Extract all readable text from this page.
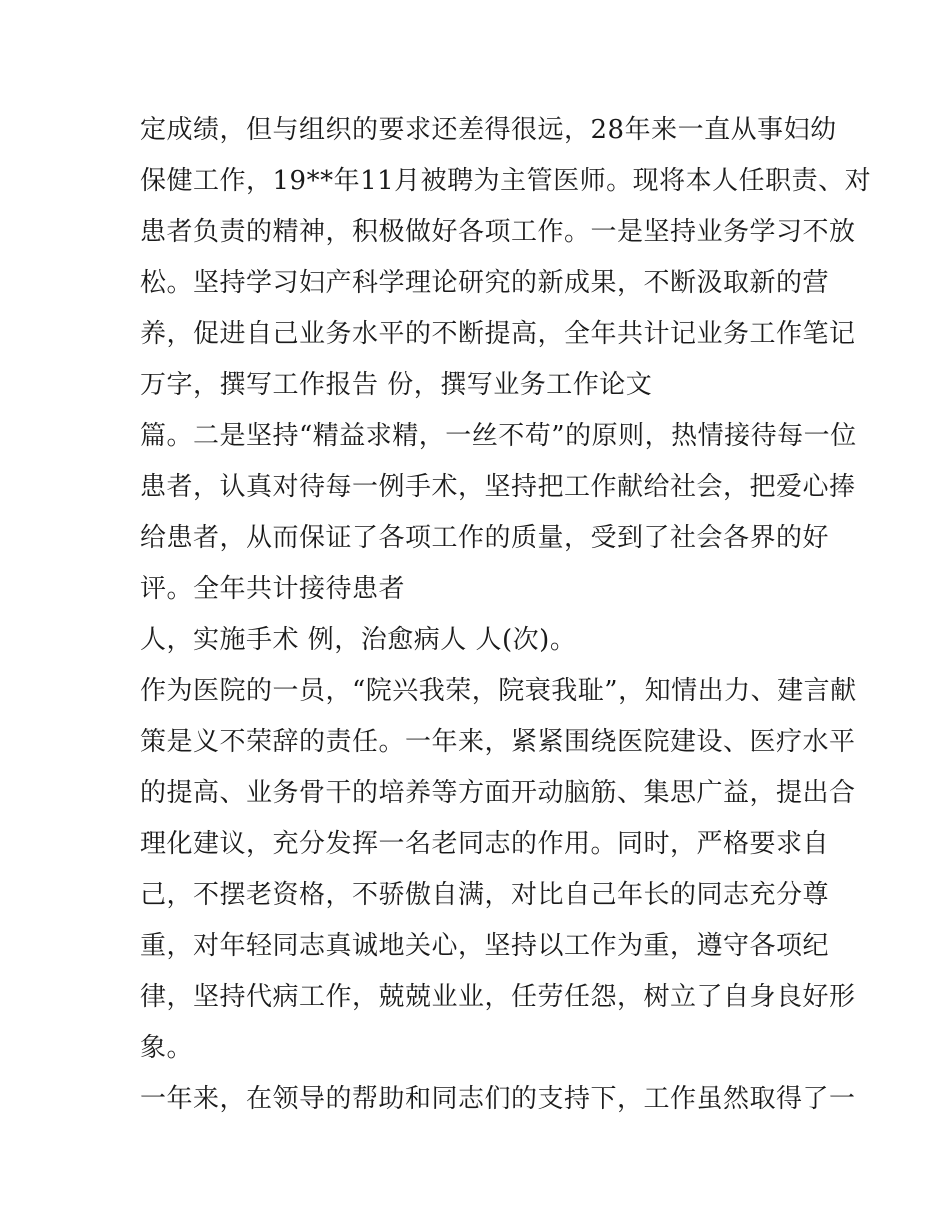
定成绩，但与组织的要求还差得很远，28年来一直从事妇幼
保健工作，19**年11月被聘为主管医师。现将本人任职责、对
患者负责的精神，积极做好各项工作。一是坚持业务学习不放
松。坚持学习妇产科学理论研究的新成果，不断汲取新的营
养，促进自己业务水平的不断提高，全年共计记业务工作笔记
万字，撰写工作报告 份，撰写业务工作论文
篇。二是坚持“精益求精，一丝不苟”的原则，热情接待每一位
患者，认真对待每一例手术，坚持把工作献给社会，把爱心捧
给患者，从而保证了各项工作的质量，受到了社会各界的好
评。全年共计接待患者
人，实施手术 例，治愈病人 人(次)。
作为医院的一员，“院兴我荣，院衰我耻”，知情出力、建言献
策是义不荣辞的责任。一年来，紧紧围绕医院建设、医疗水平
的提高、业务骨干的培养等方面开动脑筋、集思广益，提出合
理化建议，充分发挥一名老同志的作用。同时，严格要求自
己，不摆老资格，不骄傲自满，对比自己年长的同志充分尊
重，对年轻同志真诚地关心，坚持以工作为重，遵守各项纪
律，坚持代病工作，兢兢业业，任劳任怨，树立了自身良好形
象。
一年来，在领导的帮助和同志们的支持下，工作虽然取得了一
